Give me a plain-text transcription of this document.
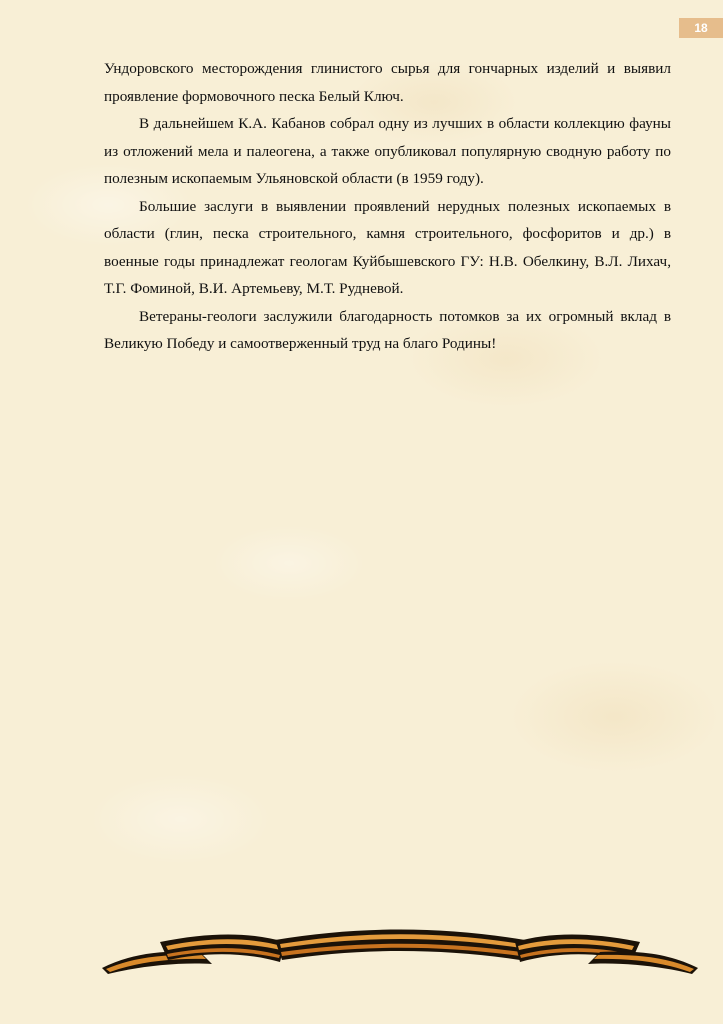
18

Ундоровского месторождения глинистого сырья для гончарных изделий и выявил проявление формовочного песка Белый Ключ.

В дальнейшем К.А. Кабанов собрал одну из лучших в области коллекцию фауны из отложений мела и палеогена, а также опубликовал популярную сводную работу по полезным ископаемым Ульяновской области (в 1959 году).

Большие заслуги в выявлении проявлений нерудных полезных ископаемых в области (глин, песка строительного, камня строительного, фосфоритов и др.) в военные годы принадлежат геологам Куйбышевского ГУ: Н.В. Обелкину, В.Л. Лихач, Т.Г. Фоминой, В.И. Артемьеву, М.Т. Рудневой.

Ветераны-геологи заслужили благодарность потомков за их огромный вклад в Великую Победу и самоотверженный труд на благо Родины!
